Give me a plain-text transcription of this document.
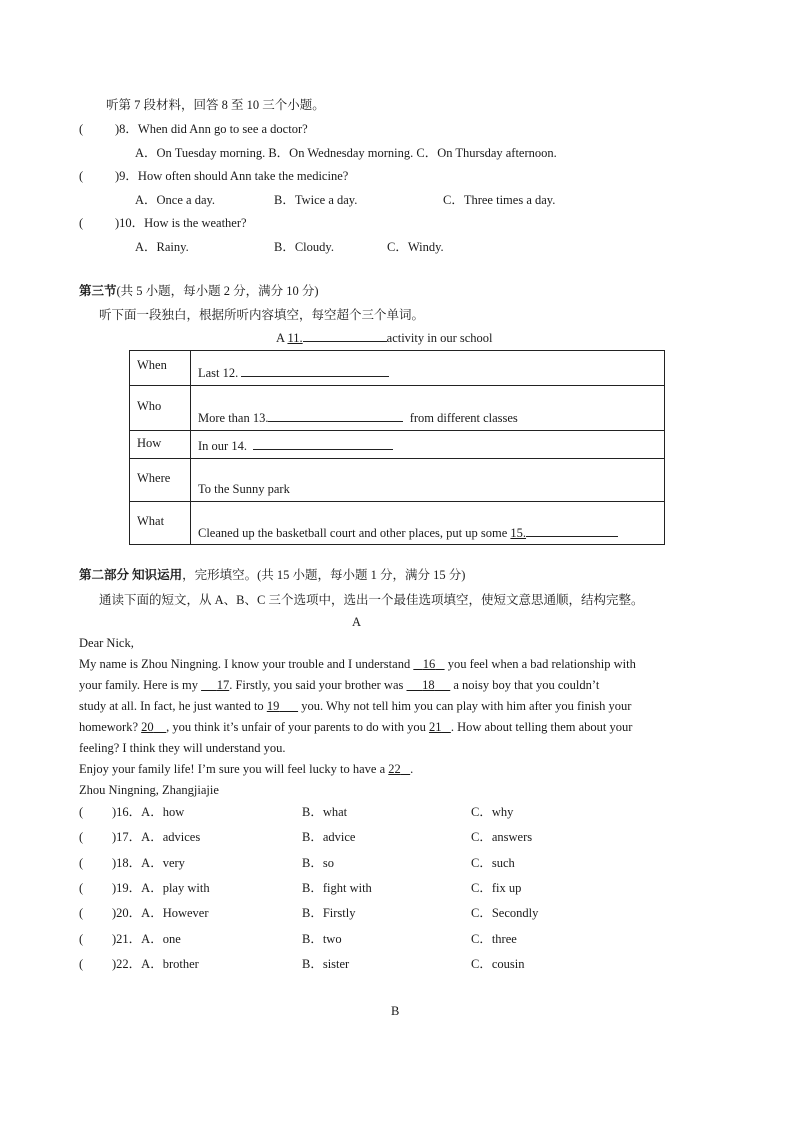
听第 7 段材料，回答 8 至 10 三个小题。
(	)8．When did Ann go to see a doctor?
A．On Tuesday morning. B．On Wednesday morning. C．On Thursday afternoon.
(	)9．How often should Ann take the medicine?
A．Once a day.	B．Twice a day.	C．Three times a day.
(	)10．How is the weather?
A．Rainy.	B．Cloudy.	C．Windy.
第三节(共 5 小题，每小题 2 分，满分 10 分)
听下面一段独白，根据所听内容填空，每空超个三个单词。
A 11.	activity in our school
When	Last 12.
Who	More than 13. from different classes
How	In our 14.
Where	To the Sunny park
What	Cleaned up the basketball court and other places, put up some 15.
第二部分 知识运用，完形填空。(共 15 小题，每小题 1 分，满分 15 分)
通读下面的短文，从 A、B、C 三个选项中，选出一个最佳选项填空，使短文意思通顺，结构完整。
A
Dear Nick,
My name is Zhou Ningning. I know your trouble and I understand    16    you feel when a bad relationship with
your family. Here is my      17. Firstly, you said your brother was      18      a noisy boy that you couldn’t
study at all. In fact, he just wanted to 19       you. Why not tell him you can play with him after you finish your
homework? 20 , you think it’s unfair of your parents to do with you 21 . How about telling them about your
feeling? I think they will understand you.
Enjoy your family life! I’m sure you will feel lucky to have a 22 .
Zhou Ningning, Zhangjiajie
( )16．A．how	B．what	C．why
( )17．A．advices	B．advice	C．answers
( )18．A．very	B．so	C．such
( )19．A．play with	B．fight with	C．fix up
( )20．A．However	B．Firstly	C．Secondly
( )21．A．one	B．two	C．three
( )22．A．brother	B．sister	C．cousin
B
